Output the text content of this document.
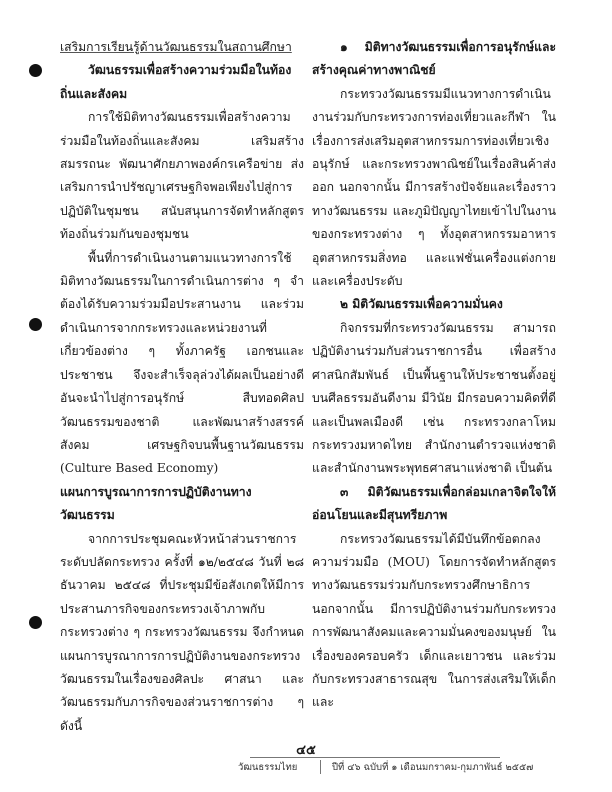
เสริมการเรียนรู้ด้านวัฒนธรรมในสถานศึกษา

วัฒนธรรมเพื่อสร้างความร่วมมือในท้องถิ่นและสังคม

การใช้มิติทางวัฒนธรรมเพื่อสร้างความร่วมมือในท้องถิ่นและสังคม เสริมสร้างสมรรถนะ พัฒนาศักยภาพองค์กรเครือข่าย ส่งเสริมการนำปรัชญาเศรษฐกิจพอเพียงไปสู่การปฏิบัติในชุมชน สนับสนุนการจัดทำหลักสูตรท้องถิ่นร่วมกันของชุมชน

พื้นที่การดำเนินงานตามแนวทางการใช้มิติทางวัฒนธรรมในการดำเนินการต่าง ๆ จำต้องได้รับความร่วมมือประสานงาน และร่วมดำเนินการจากกระทรวงและหน่วยงานที่เกี่ยวข้องต่าง ๆ ทั้งภาครัฐ เอกชนและประชาชน จึงจะสำเร็จลุล่วงได้ผลเป็นอย่างดี อันจะนำไปสู่การอนุรักษ์ สืบทอดศิลปวัฒนธรรมของชาติ และพัฒนาสร้างสรรค์สังคม เศรษฐกิจบนพื้นฐานวัฒนธรรม (Culture Based Economy)

แผนการบูรณาการการปฏิบัติงานทางวัฒนธรรม

จากการประชุมคณะหัวหน้าส่วนราชการระดับปลัดกระทรวง ครั้งที่ ๑๒/๒๕๔๘ วันที่ ๒๘ ธันวาคม ๒๕๔๘ ที่ประชุมมีข้อสังเกตให้มีการประสานภารกิจของกระทรวงเจ้าภาพกับกระทรวงต่าง ๆ กระทรวงวัฒนธรรม จึงกำหนดแผนการบูรณาการการปฏิบัติงานของกระทรวงวัฒนธรรมในเรื่องของศิลปะ ศาสนา และวัฒนธรรมกับภารกิจของส่วนราชการต่าง ๆ ดังนี้

๑ มิติทางวัฒนธรรมเพื่อการอนุรักษ์และสร้างคุณค่าทางพาณิชย์

กระทรวงวัฒนธรรมมีแนวทางการดำเนินงานร่วมกับกระทรวงการท่องเที่ยวและกีฬา ในเรื่องการส่งเสริมอุตสาหกรรมการท่องเที่ยวเชิงอนุรักษ์ และกระทรวงพาณิชย์ในเรื่องสินค้าส่งออก นอกจากนั้น มีการสร้างปัจจัยและเรื่องราวทางวัฒนธรรม และภูมิปัญญาไทยเข้าไปในงานของกระทรวงต่าง ๆ ทั้งอุตสาหกรรมอาหาร อุตสาหกรรมสิ่งทอ และแฟชั่นเครื่องแต่งกายและเครื่องประดับ

๒ มิติวัฒนธรรมเพื่อความมั่นคง

กิจกรรมที่กระทรวงวัฒนธรรม สามารถปฏิบัติงานร่วมกับส่วนราชการอื่น เพื่อสร้างศาสนิกสัมพันธ์ เป็นพื้นฐานให้ประชาชนตั้งอยู่บนศีลธรรมอันดีงาม มีวินัย มีกรอบความคิดที่ดี และเป็นพลเมืองดี เช่น กระทรวงกลาโหม กระทรวงมหาดไทย สำนักงานตำรวจแห่งชาติ และสำนักงานพระพุทธศาสนาแห่งชาติ เป็นต้น

๓ มิติวัฒนธรรมเพื่อกล่อมเกลาจิตใจให้อ่อนโยนและมีสุนทรียภาพ

กระทรวงวัฒนธรรมได้มีบันทึกข้อตกลงความร่วมมือ (MOU) โดยการจัดทำหลักสูตรทางวัฒนธรรมร่วมกับกระทรวงศึกษาธิการ นอกจากนั้น มีการปฏิบัติงานร่วมกับกระทรวงการพัฒนาสังคมและความมั่นคงของมนุษย์ ในเรื่องของครอบครัว เด็กและเยาวชน และร่วมกับกระทรวงสาธารณสุข ในการส่งเสริมให้เด็กและ

๔๕
วัฒนธรรมไทย	ปีที่ ๔๖ ฉบับที่ ๑ เดือนมกราคม-กุมภาพันธ์ ๒๕๕๗
